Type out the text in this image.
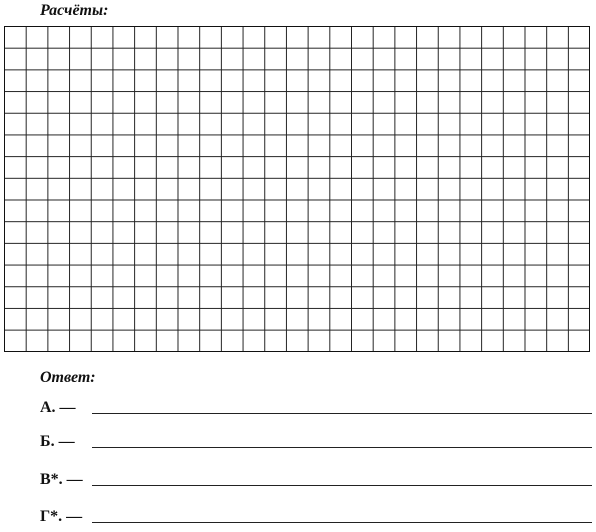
Расчёты:
Ответ:
А. —
Б. —
В*. —
Г*. —
